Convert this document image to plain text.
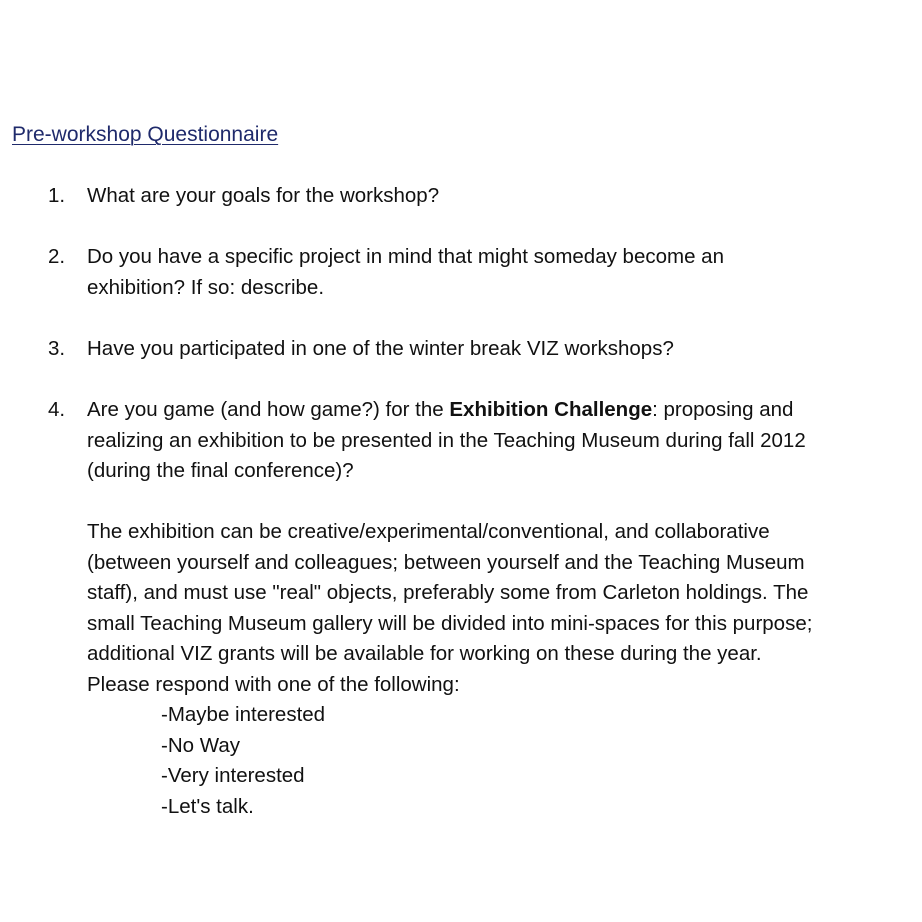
Pre-workshop Questionnaire
1.	What are your goals for the workshop?
2.	Do you have a specific project in mind that might someday become an
exhibition? If so: describe.
3.	Have you participated in one of the winter break VIZ workshops?
4.	Are you game (and how game?) for the Exhibition Challenge: proposing and
realizing an exhibition to be presented in the Teaching Museum during fall 2012
(during the final conference)?
The exhibition can be creative/experimental/conventional, and collaborative
(between yourself and colleagues; between yourself and the Teaching Museum
staff), and must use "real" objects, preferably some from Carleton holdings. The
small Teaching Museum gallery will be divided into mini-spaces for this purpose;
additional VIZ grants will be available for working on these during the year.
Please respond with one of the following:
-Maybe interested
-No Way
-Very interested
-Let's talk.
